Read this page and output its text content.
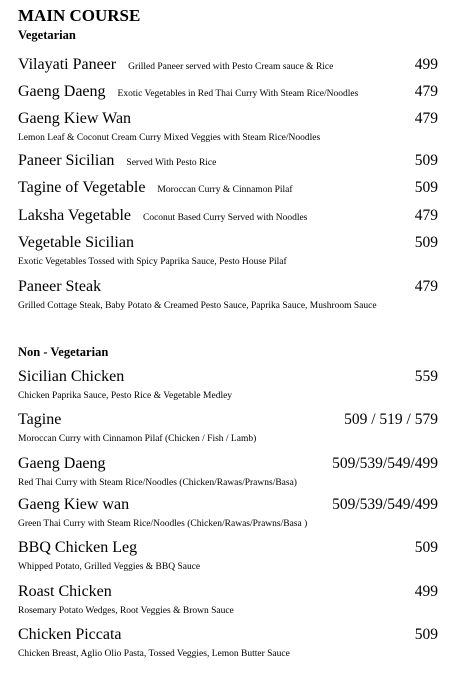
MAIN COURSE
Vegetarian
Vilayati Paneer Grilled Paneer served with Pesto Cream sauce & Rice	499
Gaeng Daeng Exotic Vegetables in Red Thai Curry With Steam Rice/Noodles	479
Gaeng Kiew Wan	479
Lemon Leaf & Coconut Cream Curry Mixed Veggies with Steam Rice/Noodles
Paneer Sicilian Served With Pesto Rice	509
Tagine of Vegetable Moroccan Curry & Cinnamon Pilaf	509
Laksha Vegetable Coconut Based Curry Served with Noodles	479
Vegetable Sicilian	509
Exotic Vegetables Tossed with Spicy Paprika Sauce, Pesto House Pilaf
Paneer Steak	479
Grilled Cottage Steak, Baby Potato & Creamed Pesto Sauce, Paprika Sauce, Mushroom Sauce
Non - Vegetarian
Sicilian Chicken	559
Chicken Paprika Sauce, Pesto Rice & Vegetable Medley
Tagine	509 / 519 / 579
Moroccan Curry with Cinnamon Pilaf (Chicken / Fish / Lamb)
Gaeng Daeng	509/539/549/499
Red Thai Curry with Steam Rice/Noodles (Chicken/Rawas/Prawns/Basa)
Gaeng Kiew wan	509/539/549/499
Green Thai Curry with Steam Rice/Noodles (Chicken/Rawas/Prawns/Basa )
BBQ Chicken Leg	509
Whipped Potato, Grilled Veggies & BBQ Sauce
Roast Chicken	499
Rosemary Potato Wedges, Root Veggies & Brown Sauce
Chicken Piccata	509
Chicken Breast, Aglio Olio Pasta, Tossed Veggies, Lemon Butter Sauce
